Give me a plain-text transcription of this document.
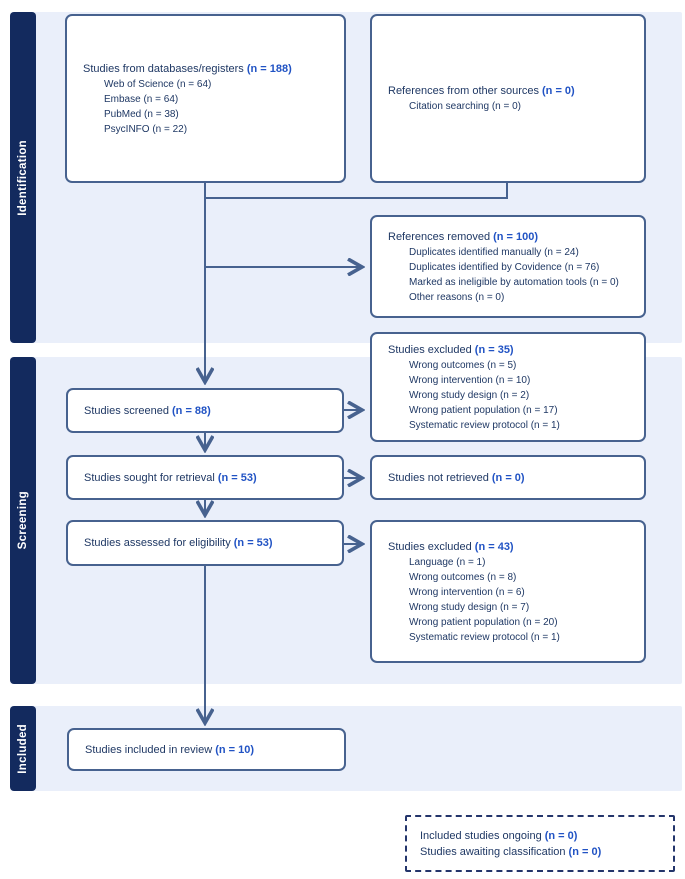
Identification
Screening
Included
Studies from databases/registers (n = 188)
Web of Science (n = 64)
Embase (n = 64)
PubMed (n = 38)
PsycINFO (n = 22)
References from other sources (n = 0)
Citation searching (n = 0)
References removed (n = 100)
Duplicates identified manually (n = 24)
Duplicates identified by Covidence (n = 76)
Marked as ineligible by automation tools (n = 0)
Other reasons (n = 0)
Studies screened (n = 88)
Studies excluded (n = 35)
Wrong outcomes (n = 5)
Wrong intervention (n = 10)
Wrong study design (n = 2)
Wrong patient population (n = 17)
Systematic review protocol (n = 1)
Studies sought for retrieval (n = 53)	Studies not retrieved (n = 0)
Studies assessed for eligibility (n = 53)	Studies excluded (n = 43)
Language (n = 1)
Wrong outcomes (n = 8)
Wrong intervention (n = 6)
Wrong study design (n = 7)
Wrong patient population (n = 20)
Systematic review protocol (n = 1)
Studies included in review (n = 10)
Included studies ongoing (n = 0)
Studies awaiting classification (n = 0)
